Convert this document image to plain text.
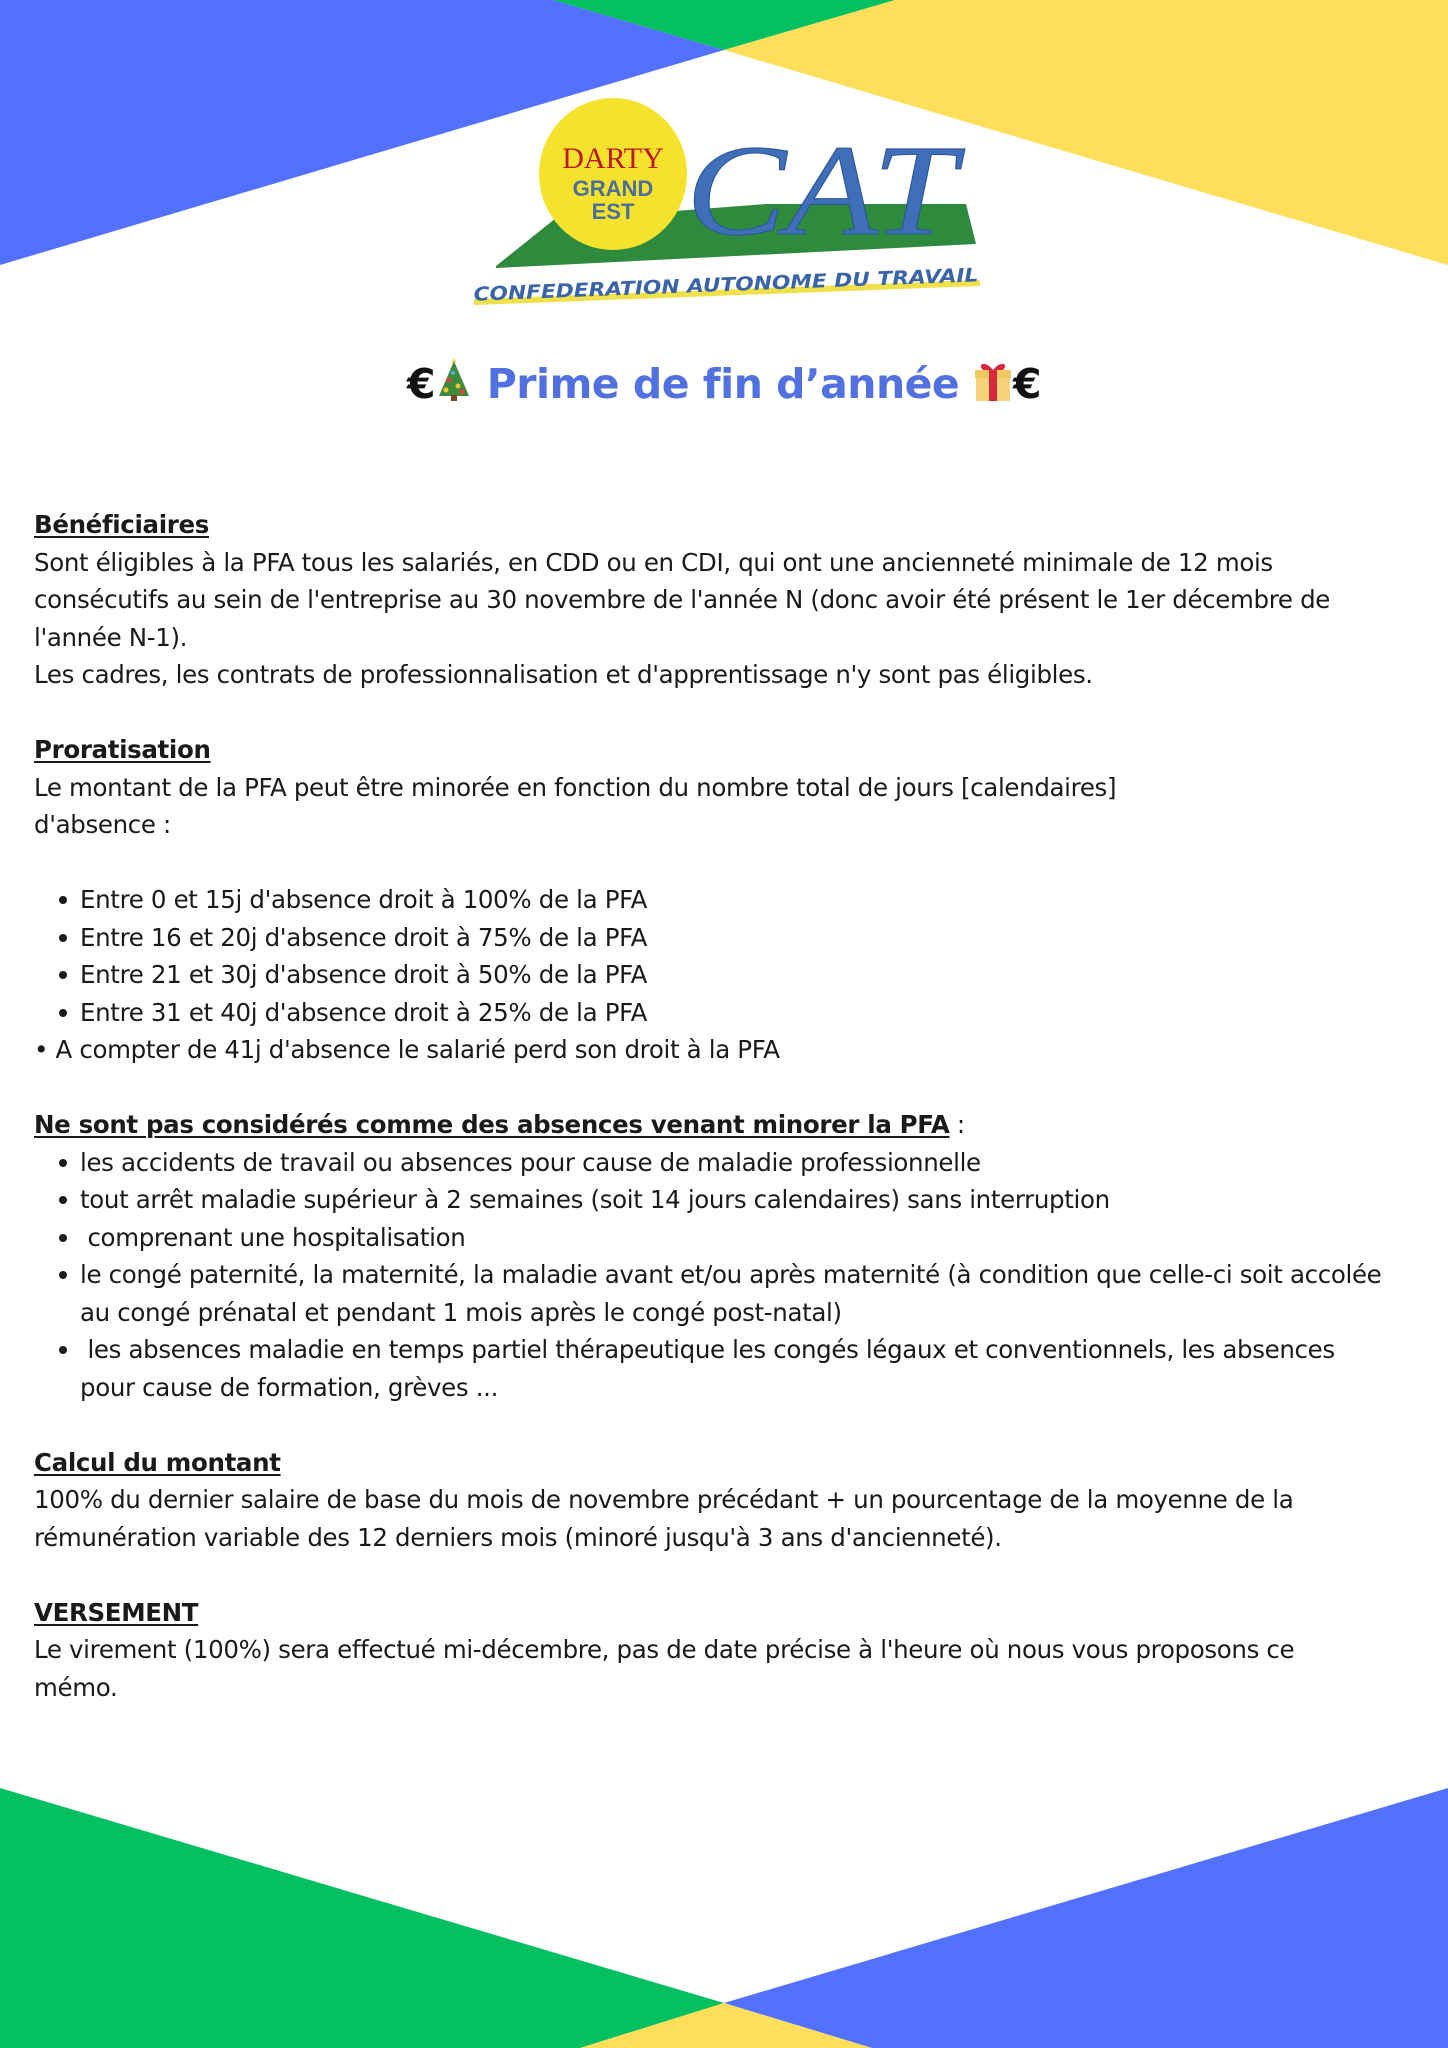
DARTY
GRAND
EST CAT
CONFEDERATION AUTONOME DU TRAVAIL
€ Prime de fin d’année €
Bénéficiaires
Sont éligibles à la PFA tous les salariés, en CDD ou en CDI, qui ont une ancienneté minimale de 12 mois
consécutifs au sein de l'entreprise au 30 novembre de l'année N (donc avoir été présent le 1er décembre de
l'année N-1).
Les cadres, les contrats de professionnalisation et d'apprentissage n'y sont pas éligibles.
Proratisation
Le montant de la PFA peut être minorée en fonction du nombre total de jours [calendaires]
d'absence :
Entre 0 et 15j d'absence droit à 100% de la PFA
Entre 16 et 20j d'absence droit à 75% de la PFA
Entre 21 et 30j d'absence droit à 50% de la PFA
Entre 31 et 40j d'absence droit à 25% de la PFA
• A compter de 41j d'absence le salarié perd son droit à la PFA
Ne sont pas considérés comme des absences venant minorer la PFA :
les accidents de travail ou absences pour cause de maladie professionnelle
tout arrêt maladie supérieur à 2 semaines (soit 14 jours calendaires) sans interruption
comprenant une hospitalisation
le congé paternité, la maternité, la maladie avant et/ou après maternité (à condition que celle-ci soit accolée
au congé prénatal et pendant 1 mois après le congé post-natal)
les absences maladie en temps partiel thérapeutique les congés légaux et conventionnels, les absences
pour cause de formation, grèves ...
Calcul du montant
100% du dernier salaire de base du mois de novembre précédant + un pourcentage de la moyenne de la
rémunération variable des 12 derniers mois (minoré jusqu'à 3 ans d'ancienneté).
VERSEMENT
Le virement (100%) sera effectué mi-décembre, pas de date précise à l'heure où nous vous proposons ce
mémo.
